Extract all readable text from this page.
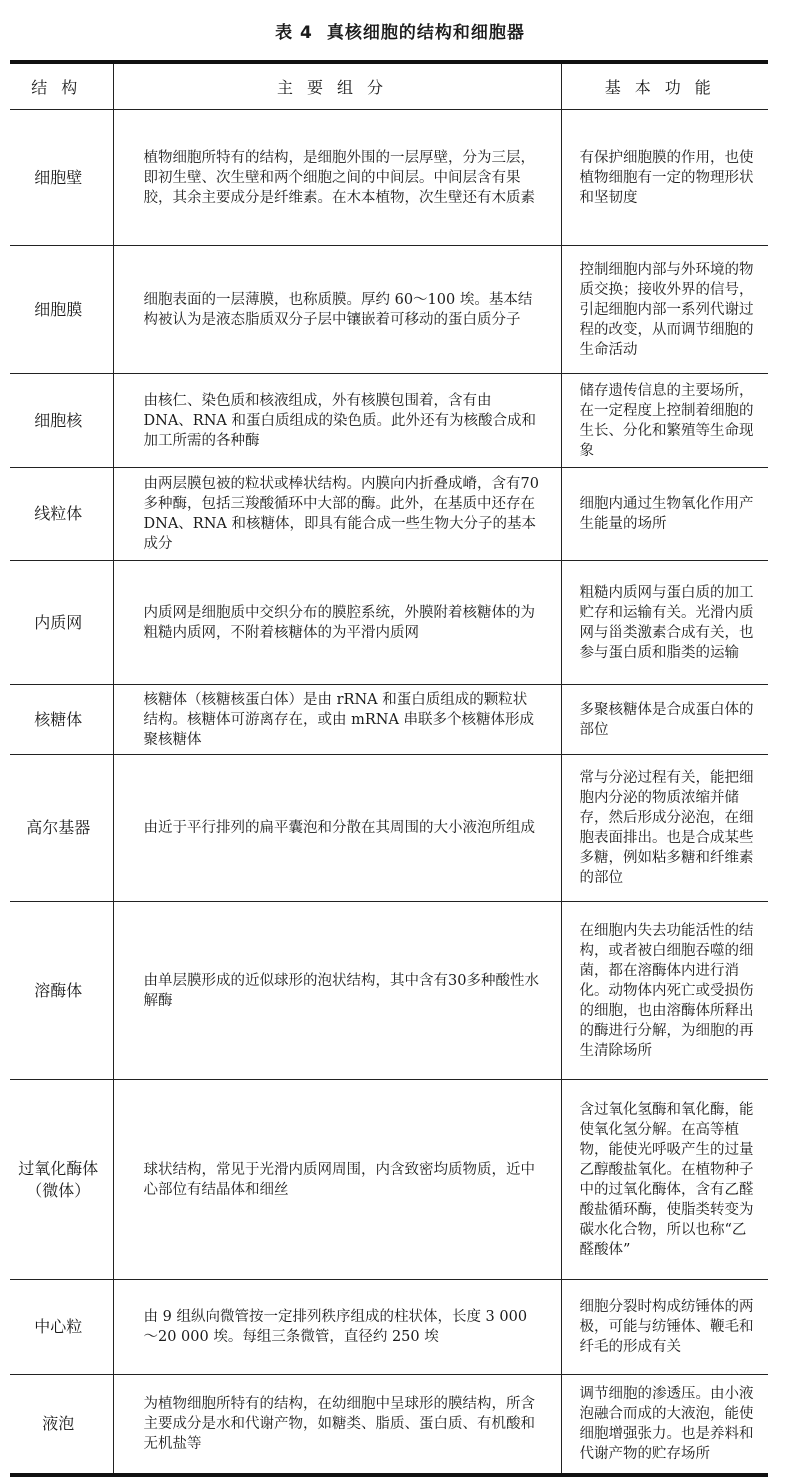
表 4 真核细胞的结构和细胞器
结构	主要组分	基本功能
细胞壁	植物细胞所特有的结构，是细胞外围的一层厚壁，分为三层，即初生壁、次生壁和两个细胞之间的中间层。中间层含有果胶，其余主要成分是纤维素。在木本植物，次生壁还有木质素	有保护细胞膜的作用，也使植物细胞有一定的物理形状和坚韧度
细胞膜	细胞表面的一层薄膜，也称质膜。厚约 60～100 埃。基本结构被认为是液态脂质双分子层中镶嵌着可移动的蛋白质分子	控制细胞内部与外环境的物质交换；接收外界的信号，引起细胞内部一系列代谢过程的改变，从而调节细胞的生命活动
细胞核	由核仁、染色质和核液组成，外有核膜包围着，含有由 DNA、RNA 和蛋白质组成的染色质。此外还有为核酸合成和加工所需的各种酶	储存遗传信息的主要场所，在一定程度上控制着细胞的生长、分化和繁殖等生命现象
线粒体	由两层膜包被的粒状或棒状结构。内膜向内折叠成嵴，含有70多种酶，包括三羧酸循环中大部的酶。此外，在基质中还存在 DNA、RNA 和核糖体，即具有能合成一些生物大分子的基本成分	细胞内通过生物氧化作用产生能量的场所
内质网	内质网是细胞质中交织分布的膜腔系统，外膜附着核糖体的为粗糙内质网，不附着核糖体的为平滑内质网	粗糙内质网与蛋白质的加工贮存和运输有关。光滑内质网与甾类激素合成有关，也参与蛋白质和脂类的运输
核糖体	核糖体（核糖核蛋白体）是由 rRNA 和蛋白质组成的颗粒状结构。核糖体可游离存在，或由 mRNA 串联多个核糖体形成聚核糖体	多聚核糖体是合成蛋白体的部位
高尔基器	由近于平行排列的扁平囊泡和分散在其周围的大小液泡所组成	常与分泌过程有关，能把细胞内分泌的物质浓缩并储存，然后形成分泌泡，在细胞表面排出。也是合成某些多糖，例如粘多糖和纤维素的部位
溶酶体	由单层膜形成的近似球形的泡状结构，其中含有30多种酸性水解酶	在细胞内失去功能活性的结构，或者被白细胞吞噬的细菌，都在溶酶体内进行消化。动物体内死亡或受损伤的细胞，也由溶酶体所释出的酶进行分解，为细胞的再生清除场所
过氧化酶体（微体）	球状结构，常见于光滑内质网周围，内含致密均质物质，近中心部位有结晶体和细丝	含过氧化氢酶和氧化酶，能使氧化氢分解。在高等植物，能使光呼吸产生的过量乙醇酸盐氧化。在植物种子中的过氧化酶体，含有乙醛酸盐循环酶，使脂类转变为碳水化合物，所以也称“乙醛酸体”
中心粒	由 9 组纵向微管按一定排列秩序组成的柱状体，长度 3 000～20 000 埃。每组三条微管，直径约 250 埃	细胞分裂时构成纺锤体的两极，可能与纺锤体、鞭毛和纤毛的形成有关
液泡	为植物细胞所特有的结构，在幼细胞中呈球形的膜结构，所含主要成分是水和代谢产物，如糖类、脂质、蛋白质、有机酸和无机盐等	调节细胞的渗透压。由小液泡融合而成的大液泡，能使细胞增强张力。也是养料和代谢产物的贮存场所
